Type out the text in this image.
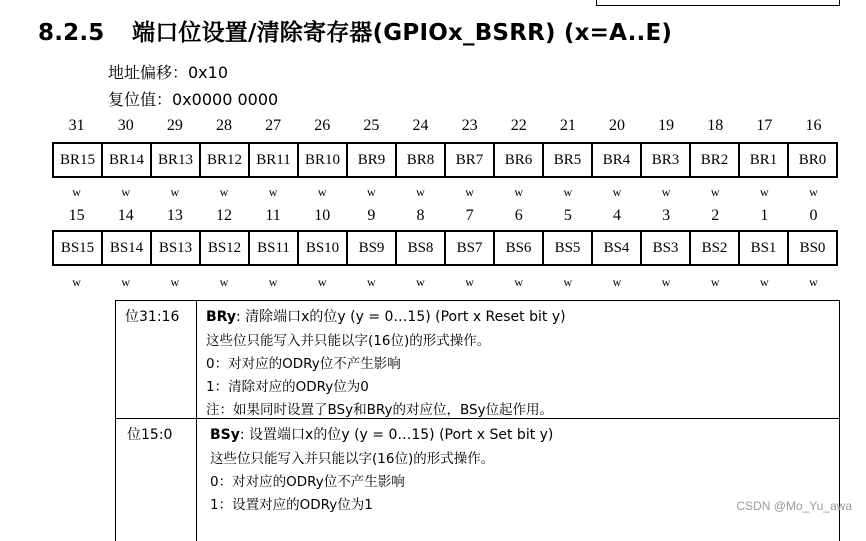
8.2.5 端口位设置/清除寄存器(GPIOx_BSRR) (x=A..E)
地址偏移：0x10
复位值：0x0000 0000
31	30	29	28	27	26	25	24	23	22	21	20	19	18	17	16
BR15 BR14 BR13 BR12 BR11 BR10	BR9	BR8	BR7	BR6	BR5	BR4	BR3	BR2	BR1	BR0
w	w	w	w	w	w	w	w	w	w	w	w	w	w	w	w
15	14	13	12	11	10	9	8	7	6	5	4	3	2	1	0
BS15	BS14	BS13	BS12	BS11	BS10	BS9	BS8	BS7	BS6	BS5	BS4	BS3	BS2	BS1	BS0
w	w	w	w	w	w	w	w	w	w	w	w	w	w	w	w
位31:16 BRy: 清除端口x的位y (y = 0…15) (Port x Reset bit y)
这些位只能写入并只能以字(16位)的形式操作。
0：对对应的ODRy位不产生影响
1：清除对应的ODRy位为0
注：如果同时设置了BSy和BRy的对应位，BSy位起作用。
位15:0	BSy: 设置端口x的位y (y = 0…15) (Port x Set bit y)
这些位只能写入并只能以字(16位)的形式操作。
0：对对应的ODRy位不产生影响
1：设置对应的ODRy位为1	CSDN @Mo_Yu_awa
